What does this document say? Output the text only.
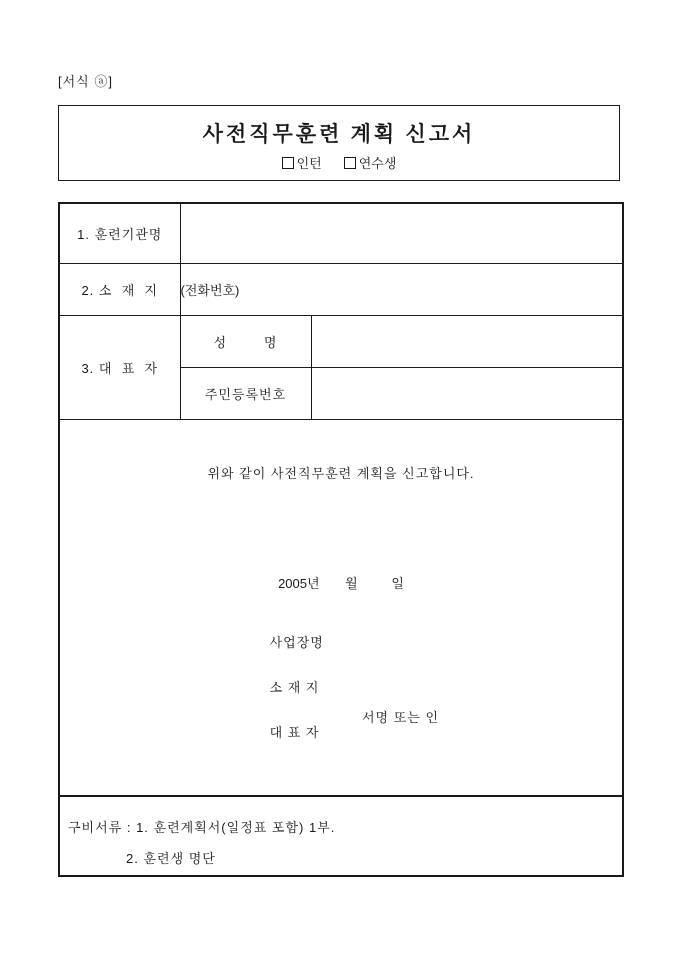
[서식 ⓐ]
사전직무훈련 계획 신고서
인턴	연수생
1. 훈련기관명		
2. 소  재  지	(전화번호)	
3. 대  표  자	성        명	
	주민등록번호	

위와 같이 사전직무훈련 계획을 신고합니다.
2005년 월	일

사업장명

소 재 지

대 표 자

서명 또는 인

구비서류 : 1. 훈련계획서(일정표 포함) 1부.
2. 훈련생 명단		
